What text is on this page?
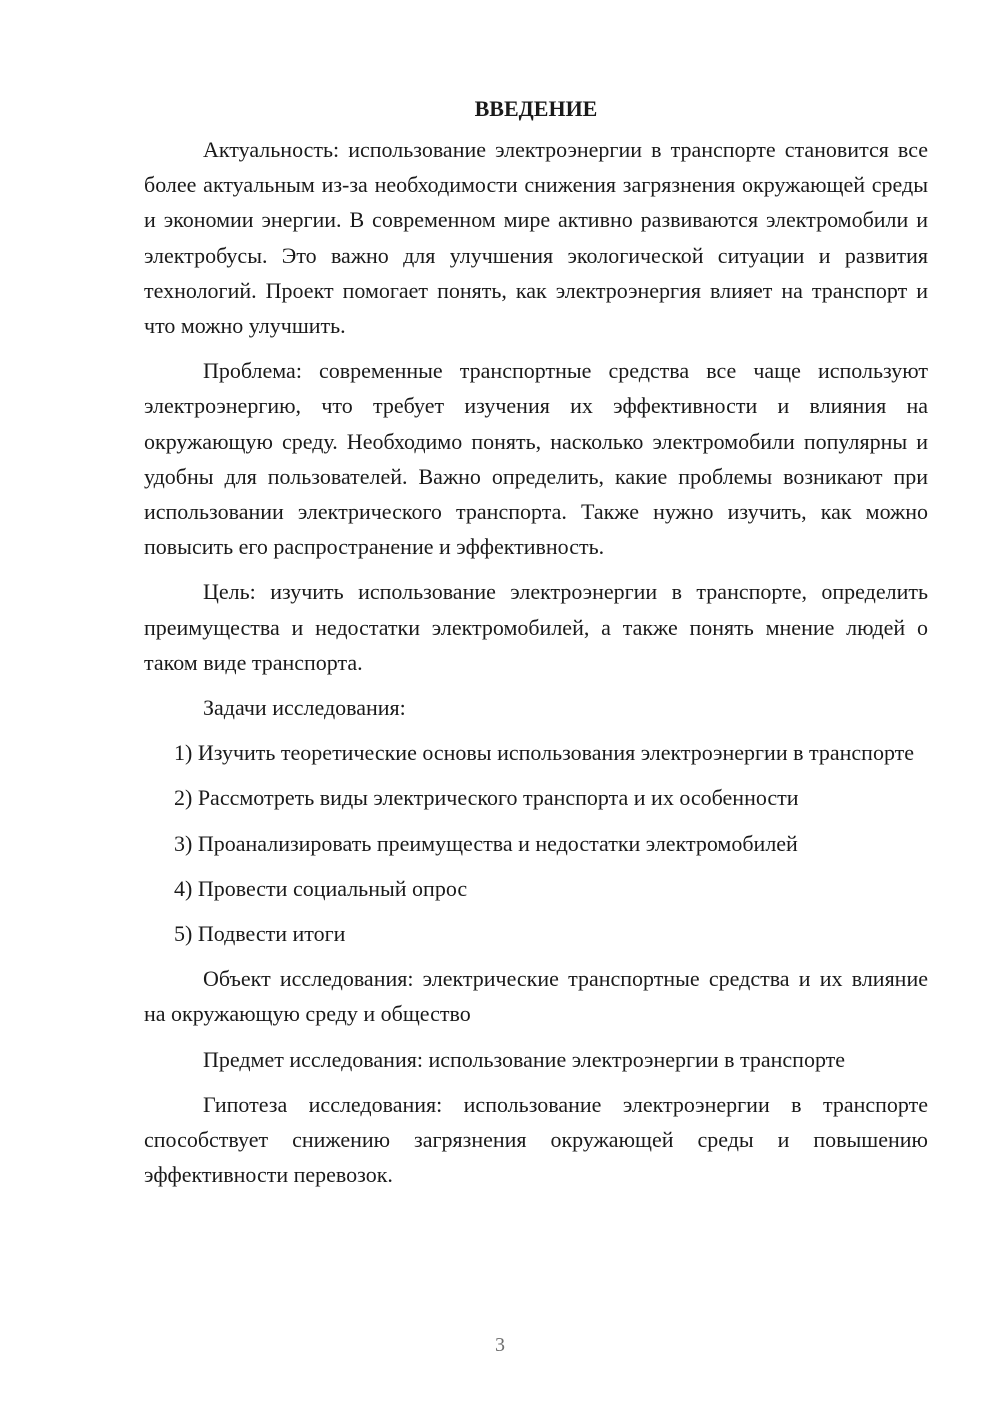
ВВЕДЕНИЕ

Актуальность: использование электроэнергии в транспорте становится все более актуальным из-за необходимости снижения загрязнения окружающей среды и экономии энергии. В современном мире активно развиваются электромобили и электробусы. Это важно для улучшения экологической ситуации и развития технологий. Проект помогает понять, как электроэнергия влияет на транспорт и что можно улучшить.

Проблема: современные транспортные средства все чаще используют электроэнергию, что требует изучения их эффективности и влияния на окружающую среду. Необходимо понять, насколько электромобили популярны и удобны для пользователей. Важно определить, какие проблемы возникают при использовании электрического транспорта. Также нужно изучить, как можно повысить его распространение и эффективность.

Цель: изучить использование электроэнергии в транспорте, определить преимущества и недостатки электромобилей, а также понять мнение людей о таком виде транспорта.

Задачи исследования:

1) Изучить теоретические основы использования электроэнергии в транспорте

2) Рассмотреть виды электрического транспорта и их особенности

3) Проанализировать преимущества и недостатки электромобилей

4) Провести социальный опрос

5) Подвести итоги

Объект исследования: электрические транспортные средства и их влияние на окружающую среду и общество

Предмет исследования: использование электроэнергии в транспорте

Гипотеза исследования: использование электроэнергии в транспорте способствует снижению загрязнения окружающей среды и повышению эффективности перевозок.

3
